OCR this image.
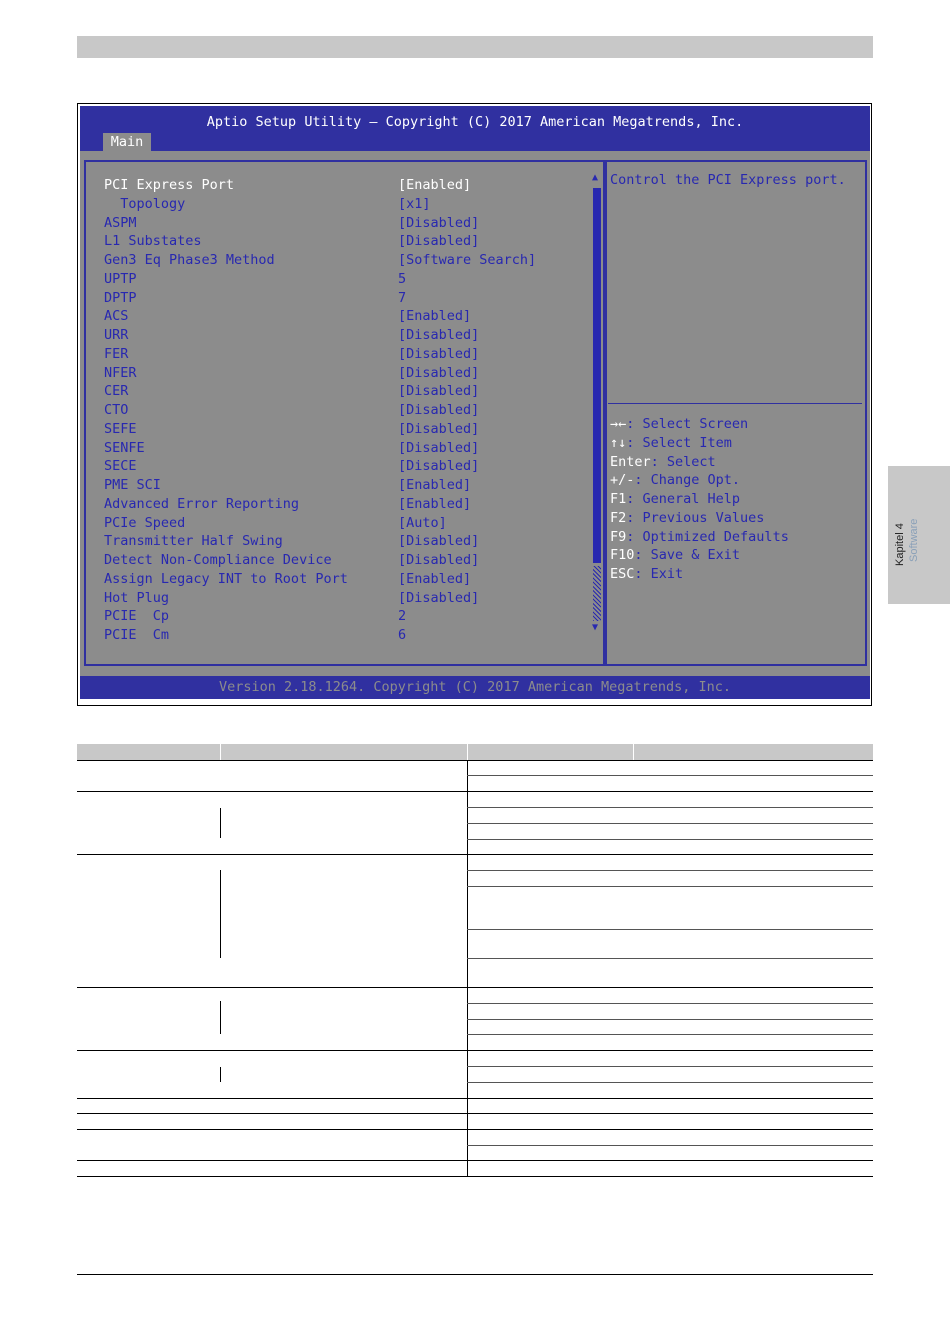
Aptio Setup Utility – Copyright (C) 2017 American Megatrends, Inc.
Main
PCI Express Port	[Enabled]
Topology	[x1]
ASPM	[Disabled]
L1 Substates	[Disabled]
Gen3 Eq Phase3 Method	[Software Search]
UPTP	5
DPTP	7
ACS	[Enabled]
URR	[Disabled]
FER	[Disabled]
NFER	[Disabled]
CER	[Disabled]
CTO	[Disabled]
SEFE	[Disabled]
SENFE	[Disabled]
SECE	[Disabled]
PME SCI	[Enabled]
Advanced Error Reporting	[Enabled]
PCIe Speed	[Auto]
Transmitter Half Swing	[Disabled]
Detect Non-Compliance Device	[Disabled]
Assign Legacy INT to Root Port	[Enabled]
Hot Plug	[Disabled]
PCIE  Cp	2
PCIE  Cm	6
▲
▼
Control the PCI Express port.
→←: Select Screen
↑↓: Select Item
Enter: Select
+/-: Change Opt.
F1: General Help
F2: Previous Values
F9: Optimized Defaults
F10: Save & Exit
ESC: Exit
Version 2.18.1264. Copyright (C) 2017 American Megatrends, Inc.
Kapitel 4 Software
